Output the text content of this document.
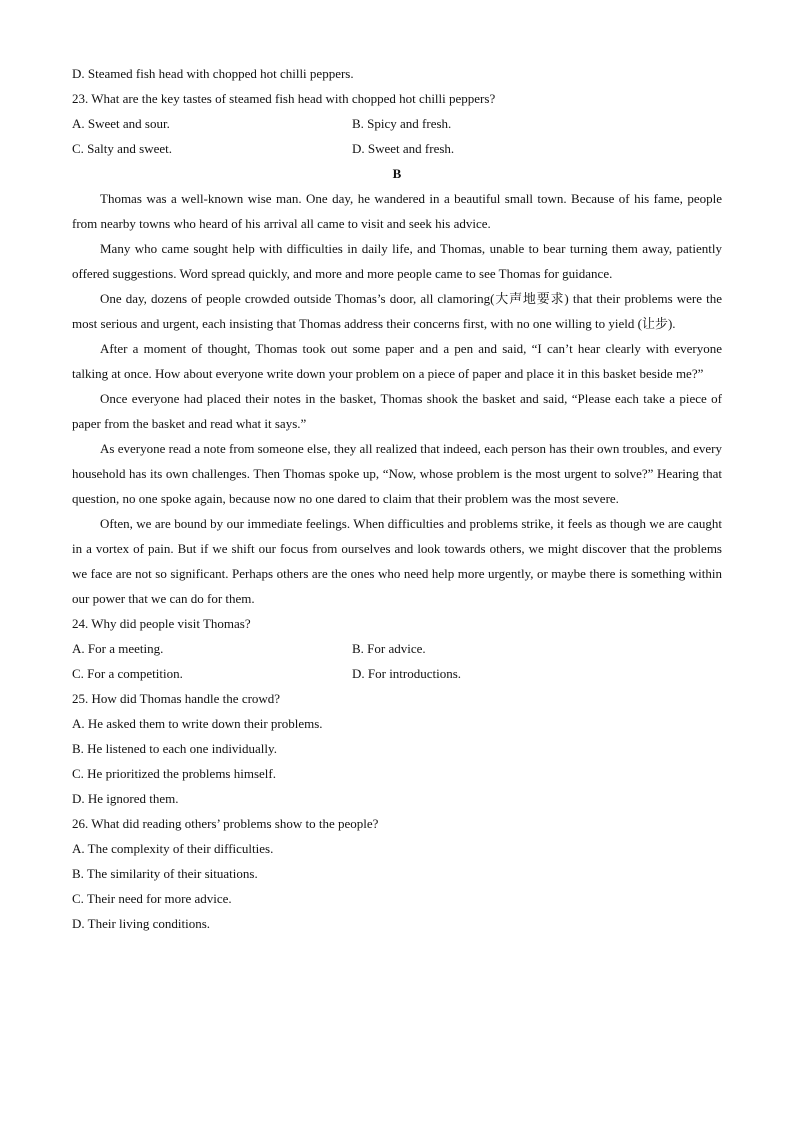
D. Steamed fish head with chopped hot chilli peppers.
23. What are the key tastes of steamed fish head with chopped hot chilli peppers?
A. Sweet and sour.	B. Spicy and fresh.
C. Salty and sweet.	D. Sweet and fresh.
B

Thomas was a well-known wise man. One day, he wandered in a beautiful small town. Because of his fame, people from nearby towns who heard of his arrival all came to visit and seek his advice.

Many who came sought help with difficulties in daily life, and Thomas, unable to bear turning them away, patiently offered suggestions. Word spread quickly, and more and more people came to see Thomas for guidance.

One day, dozens of people crowded outside Thomas’s door, all clamoring(大声地要求) that their problems were the most serious and urgent, each insisting that Thomas address their concerns first, with no one willing to yield (让步).

After a moment of thought, Thomas took out some paper and a pen and said, “I can’t hear clearly with everyone talking at once. How about everyone write down your problem on a piece of paper and place it in this basket beside me?”

Once everyone had placed their notes in the basket, Thomas shook the basket and said, “Please each take a piece of paper from the basket and read what it says.”

As everyone read a note from someone else, they all realized that indeed, each person has their own troubles, and every household has its own challenges. Then Thomas spoke up, “Now, whose problem is the most urgent to solve?” Hearing that question, no one spoke again, because now no one dared to claim that their problem was the most severe.

Often, we are bound by our immediate feelings. When difficulties and problems strike, it feels as though we are caught in a vortex of pain. But if we shift our focus from ourselves and look towards others, we might discover that the problems we face are not so significant. Perhaps others are the ones who need help more urgently, or maybe there is something within our power that we can do for them.

24. Why did people visit Thomas?
A. For a meeting.	B. For advice.
C. For a competition.	D. For introductions.
25. How did Thomas handle the crowd?
A. He asked them to write down their problems.
B. He listened to each one individually.
C. He prioritized the problems himself.
D. He ignored them.
26. What did reading others’ problems show to the people?
A. The complexity of their difficulties.
B. The similarity of their situations.
C. Their need for more advice.
D. Their living conditions.
